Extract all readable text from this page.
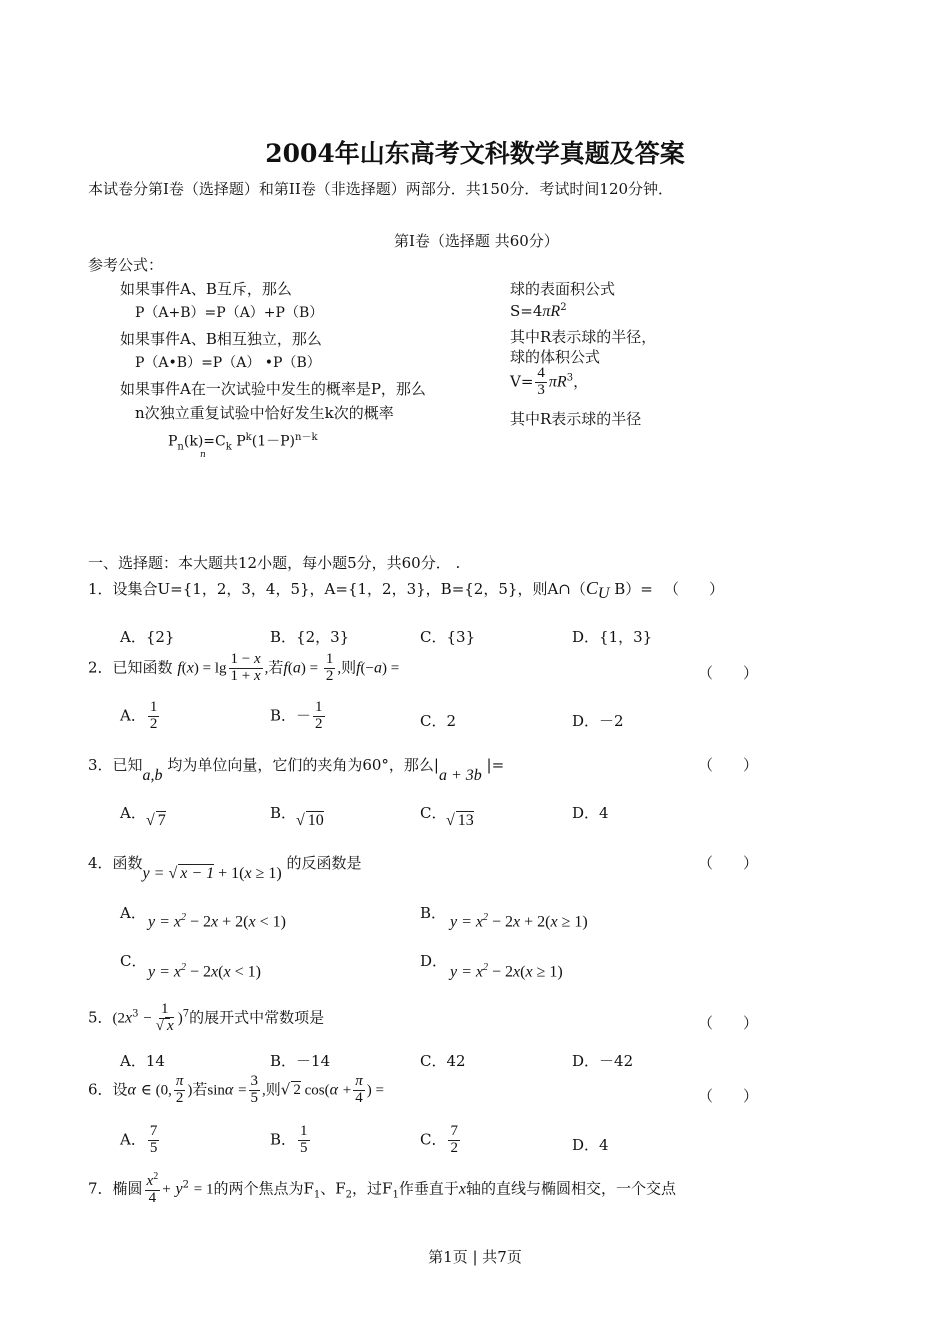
2004年山东高考文科数学真题及答案
本试卷分第I卷（选择题）和第II卷（非选择题）两部分．共150分．考试时间120分钟．
第I卷（选择题 共60分）
参考公式：
如果事件A、B互斥，那么
P（A+B）=P（A）+P（B）
如果事件A、B相互独立，那么
P（A•B）=P（A） •P（B）
如果事件A在一次试验中发生的概率是P，那么
n次独立重复试验中恰好发生k次的概率
$P_n(k)=C_k$ $P^k(1-P)^{n-k}$
n
球的表面积公式
$S=4\pi R^2$
其中R表示球的半径，
球的体积公式
$V= \frac{4}{3} \pi R^3$，
其中R表示球的半径
一、选择题：本大题共12小题，每小题5分，共60分． .
1．设集合U={1，2，3，4，5}，A={1，2，3}，B={2，5}，则$A\cap(C_U$ B）= （　　）
A．{2}	B．{2，3}	C．{3}	D．{1，3}
2．已知函数 $f(x) = \lg \frac{1 - x}{1 + x}$ ,若$f(a) = \frac{1}{2}$ ,则f(−a) =	（　　）
A． $\frac{1}{2}$	B．－ $\frac{1}{2}$	C．2	D．－2
3．已知a,b 均为单位向量，它们的夹角为60°，那么|a + 3b |=	（　　）
A． √ 7	B． √ 10	C． √ 13	D．4
4．函数y = √ x − 1 + 1(x ≥ 1) 的反函数是	（　　）
A． $y = x^2 - 2x + 2(x < 1)$	B． $y = x^2 - 2x + 2(x \ge 1)$
C．
$y = x^2 - 2x(x < 1)$
D．
$y = x^2 - 2x(x \ge 1)$
5．$(2x^3 - \frac{1}{√ x} )^7$的展开式中常数项是	（　　）
A．14	B．－14	C．42	D．－42
6．设α ∈ (0, $\frac{\pi}{2}$ )若$\sin\alpha = \frac{3}{5}$ ,则√ 2 $\cos(\alpha + \frac{\pi}{4}$ ) =	（　　）
A． $\frac{7}{5}$	B． $\frac{1}{5}$	C． $\frac{7}{2}$	D．4
7．椭圆 $\frac{x^2}{4} + y^2 = 1$的两个焦点为$F_1$、$F_2$，过$F_1$作垂直于x轴的直线与椭圆相交，一个交点
第1页 | 共7页
